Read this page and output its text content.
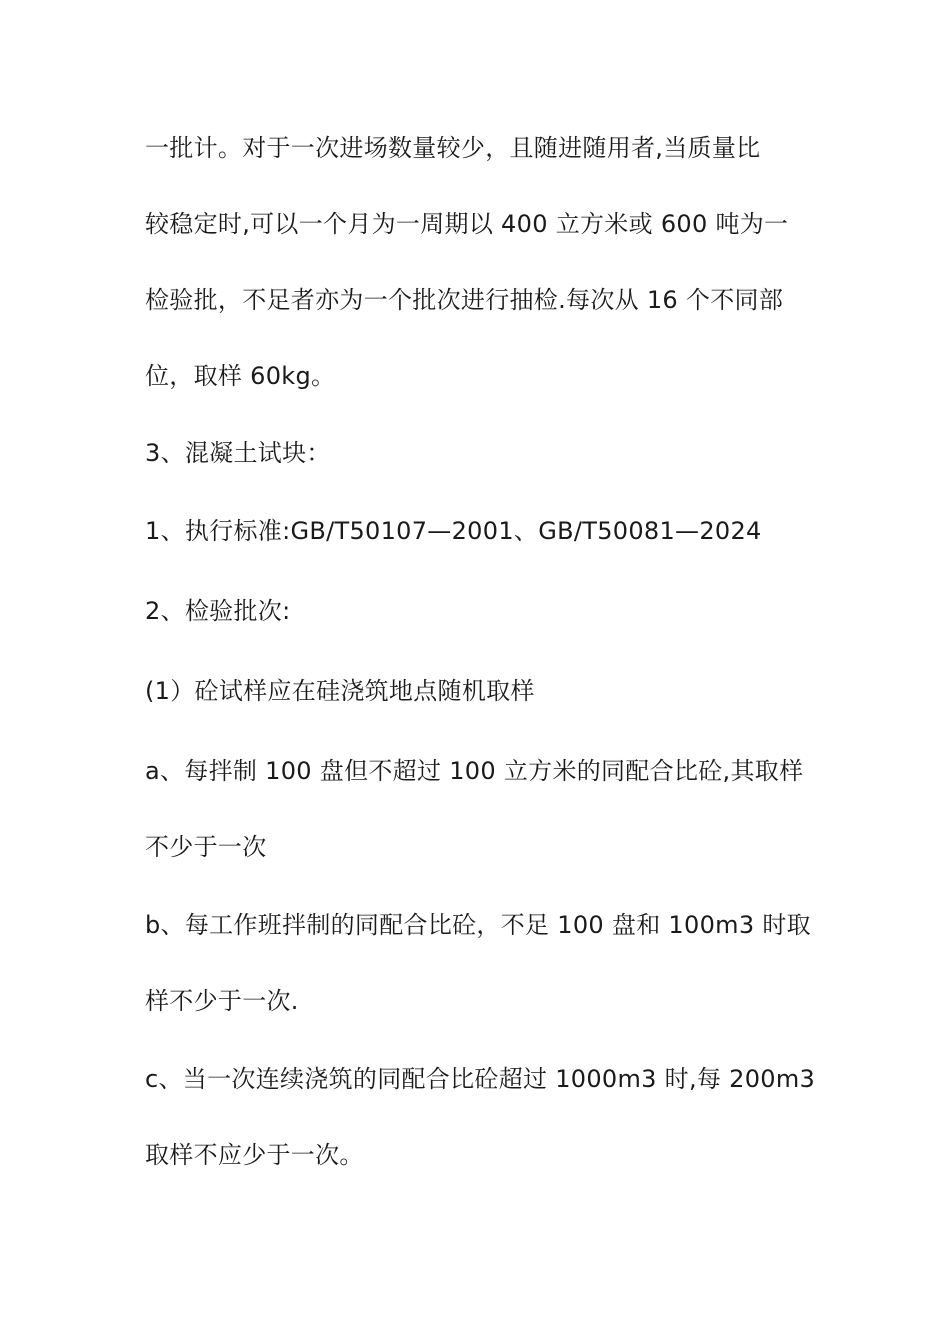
一批计。对于一次进场数量较少，且随进随用者,当质量比
较稳定时,可以一个月为一周期以 400 立方米或 600 吨为一
检验批，不足者亦为一个批次进行抽检.每次从 16 个不同部
位，取样 60kg。
3、混凝土试块：
1、执行标准:GB/T50107—2001、GB/T50081—2024
2、检验批次:
(1）砼试样应在硅浇筑地点随机取样
a、每拌制 100 盘但不超过 100 立方米的同配合比砼,其取样
不少于一次
b、每工作班拌制的同配合比砼，不足 100 盘和 100m3 时取
样不少于一次.
c、当一次连续浇筑的同配合比砼超过 1000m3 时,每 200m3
取样不应少于一次。
